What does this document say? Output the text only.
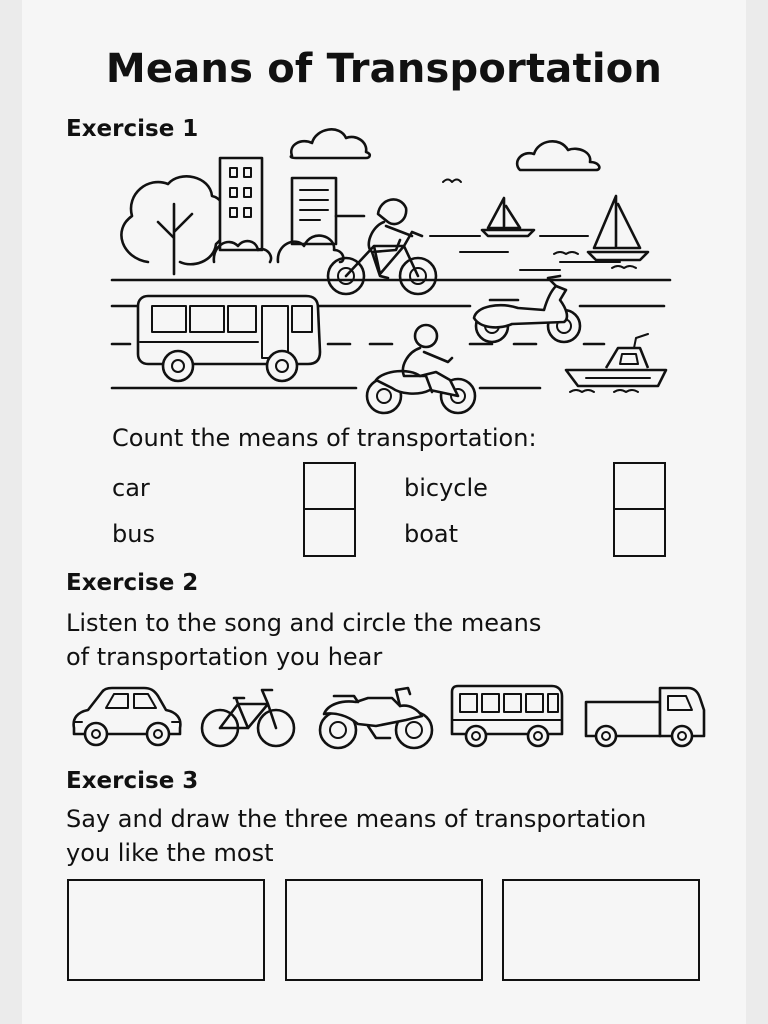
Means of Transportation
Exercise 1
Count the means of transportation:
car
bus
bicycle
boat
Exercise 2
Listen to the song and circle the means
of transportation you hear
Exercise 3
Say and draw the three means of transportation
you like the most
